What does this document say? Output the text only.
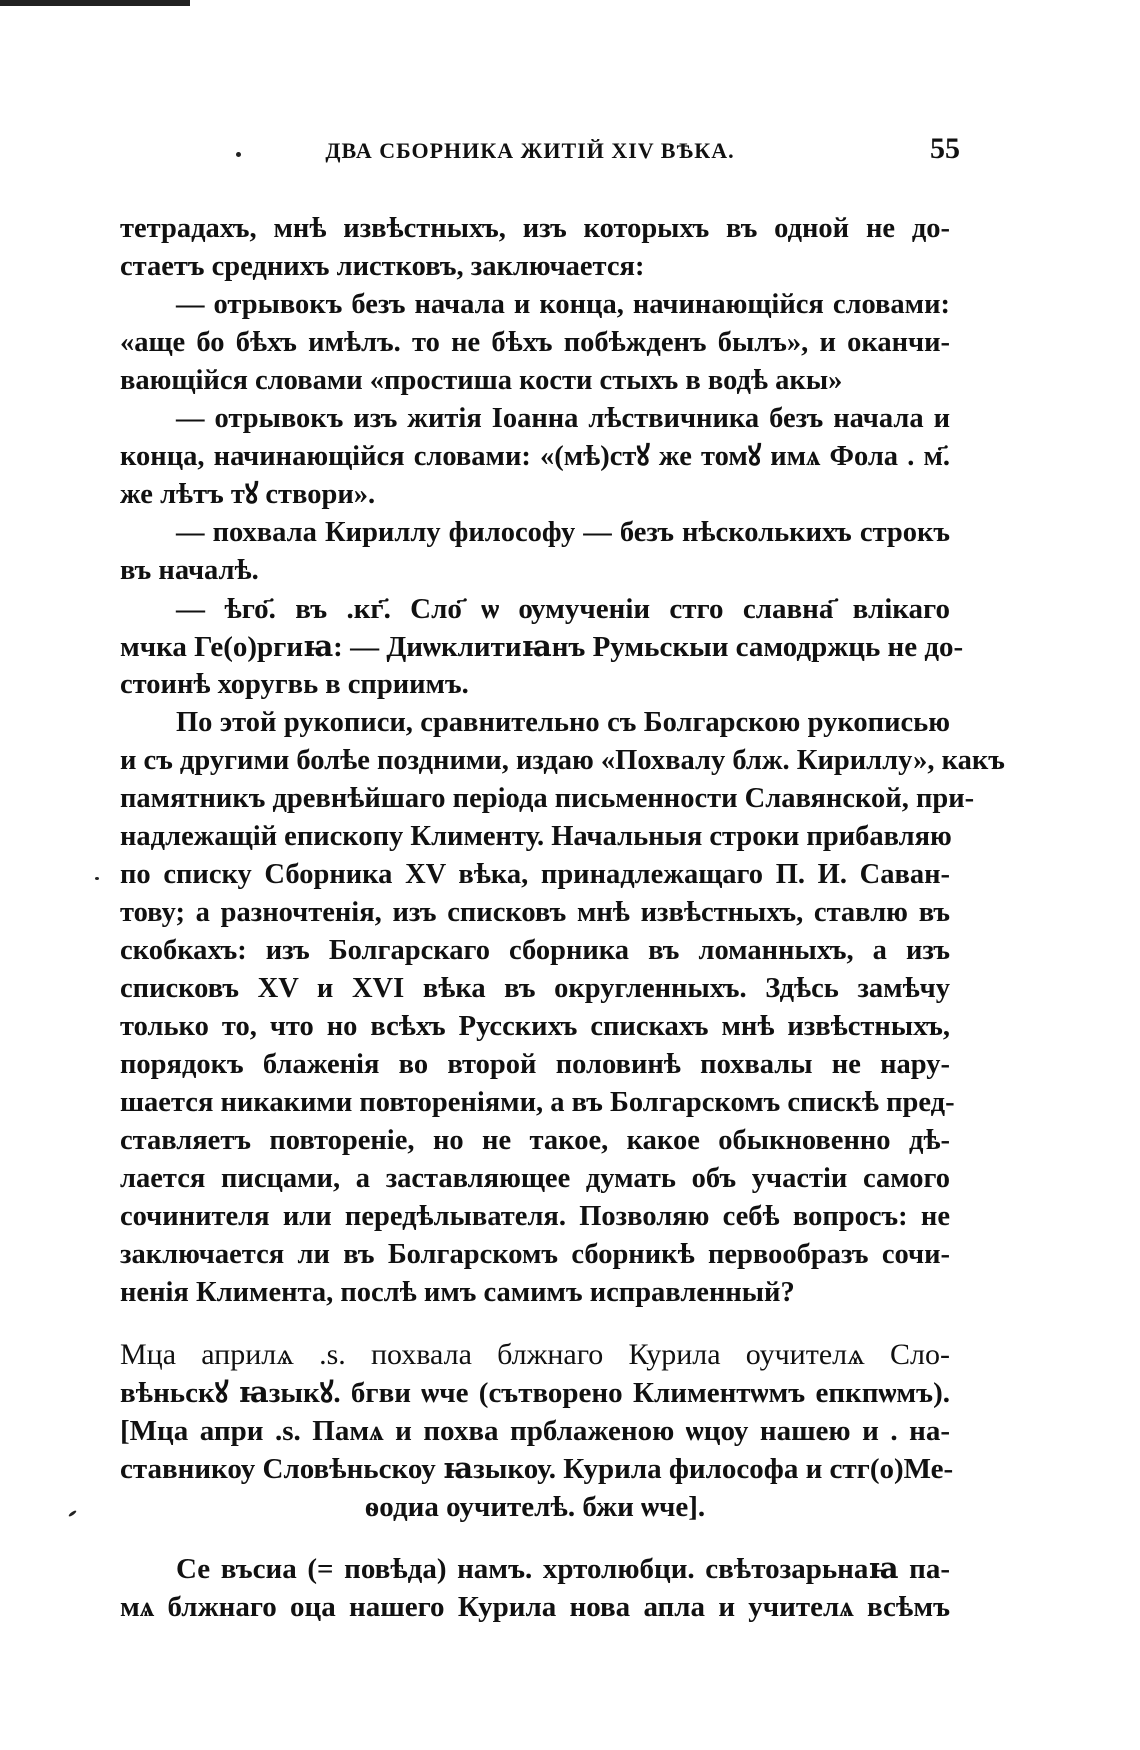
ДВА СБОРНИКА ЖИТІЙ XIV ВѢКА.	55
тетрадахъ, мнѣ извѣстныхъ, изъ которыхъ въ одной не до-
стаетъ среднихъ листковъ, заключается:
— отрывокъ безъ начала и конца, начинающійся словами:
«аще бо бѣхъ имѣлъ. то не бѣхъ побѣжденъ былъ», и оканчи-
вающійся словами «простиша кости стыхъ в водѣ акы»
— отрывокъ изъ житія Іоанна лѣствичника безъ начала и
конца, начинающійся словами: «(мѣ)стꙋ же томꙋ имѧ Фола . м҃.
же лѣтъ тꙋ створи».
— похвала Кириллу философу — безъ нѣсколькихъ строкъ
въ началѣ.
— ѣго҃. въ .кг҃. Сло҃ ѡ ѹмученіи стго славна҃ влікаго
мчка Ге(о)ргиꙗ: — Диѡклитиꙗнъ Румьскыи самодржць не до-
стоинѣ хоругвь в сприимъ.
По этой рукописи, сравнительно съ Болгарскою рукописью
и съ другими болѣе поздними, издаю «Похвалу блж. Кириллу», какъ
памятникъ древнѣйшаго періода письменности Славянской, при-
надлежащій епископу Клименту. Начальныя строки прибавляю
по списку Сборника XV вѣка, принадлежащаго П. И. Саван-
тову; а разночтенія, изъ списковъ мнѣ извѣстныхъ, ставлю въ
скобкахъ: изъ Болгарскаго сборника въ ломанныхъ, а изъ
списковъ XV и XVI вѣка въ округленныхъ. Здѣсь замѣчу
только то, что но всѣхъ Русскихъ спискахъ мнѣ извѣстныхъ,
порядокъ блаженія во второй половинѣ похвалы не нару-
шается никакими повтореніями, а въ Болгарскомъ спискѣ пред-
ставляетъ повтореніе, но не такое, какое обыкновенно дѣ-
лается писцами, а заставляющее думать объ участіи самого
сочинителя или передѣлывателя. Позволяю себѣ вопросъ: не
заключается ли въ Болгарскомъ сборникѣ первообразъ сочи-
ненія Климента, послѣ имъ самимъ исправленный?
Мца априлѧ .ѕ. похвала блжнаго Курила оучителѧ Сло-
вѣньскꙋ ꙗзыкꙋ. бгви ѡче (сътворено Климентѡмъ епкпѡмъ).
[Мца апри .ѕ. Памѧ и похва прблаженою ѡцоу нашею и . на-
ставникоу Словѣньскоу ꙗзыкоу. Курила философа и стг(о)Ме-
ѳодиа оучителѣ. бжи ѡче].
Се въсиа (= повѣда) намъ. хртолюбци. свѣтозарьнаꙗ па-
мѧ блжнаго оца нашего Курила нова апла и учителѧ всѣмъ
